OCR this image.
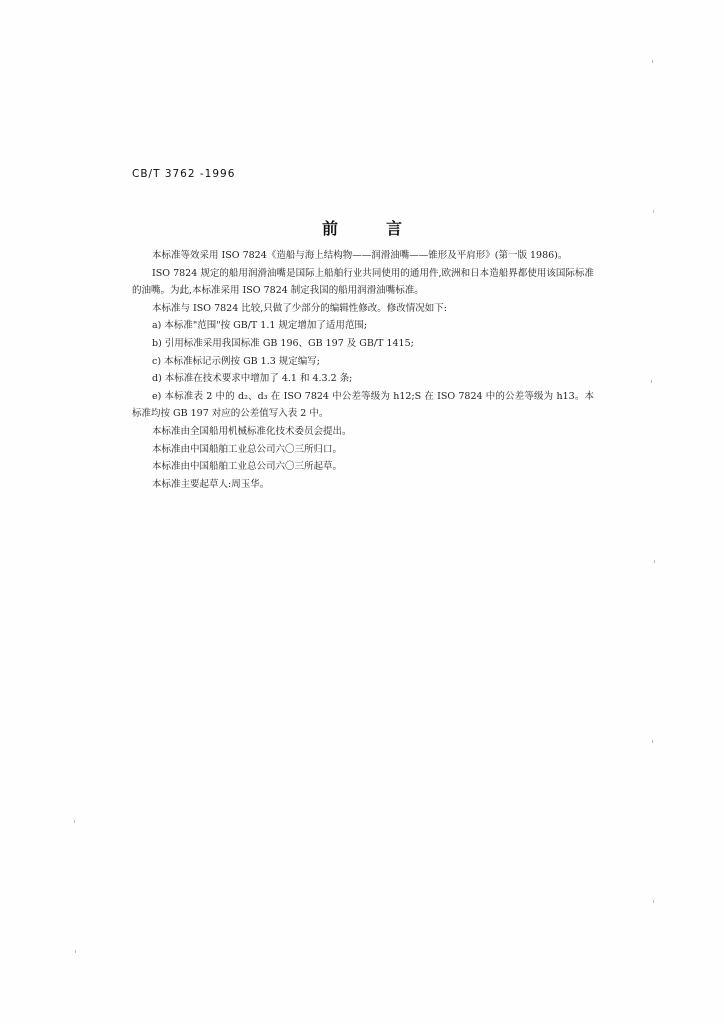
CB/T 3762 -1996
前言

本标准等效采用 ISO 7824《造船与海上结构物——润滑油嘴——锥形及平肩形》(第一版 1986)。

ISO 7824 规定的船用润滑油嘴是国际上船舶行业共同使用的通用件,欧洲和日本造船界都使用该国际标准的油嘴。为此,本标准采用 ISO 7824 制定我国的船用润滑油嘴标准。

本标准与 ISO 7824 比较,只做了少部分的编辑性修改。修改情况如下:

a) 本标准"范围"按 GB/T 1.1 规定增加了适用范围;

b) 引用标准采用我国标准 GB 196、GB 197 及 GB/T 1415;

c) 本标准标记示例按 GB 1.3 规定编写;

d) 本标准在技术要求中增加了 4.1 和 4.3.2 条;

e) 本标准表 2 中的 d₂、d₃ 在 ISO 7824 中公差等级为 h12;S 在 ISO 7824 中的公差等级为 h13。本标准均按 GB 197 对应的公差值写入表 2 中。

本标准由全国船用机械标准化技术委员会提出。

本标准由中国船舶工业总公司六〇三所归口。

本标准由中国船舶工业总公司六〇三所起草。

本标准主要起草人:周玉华。
